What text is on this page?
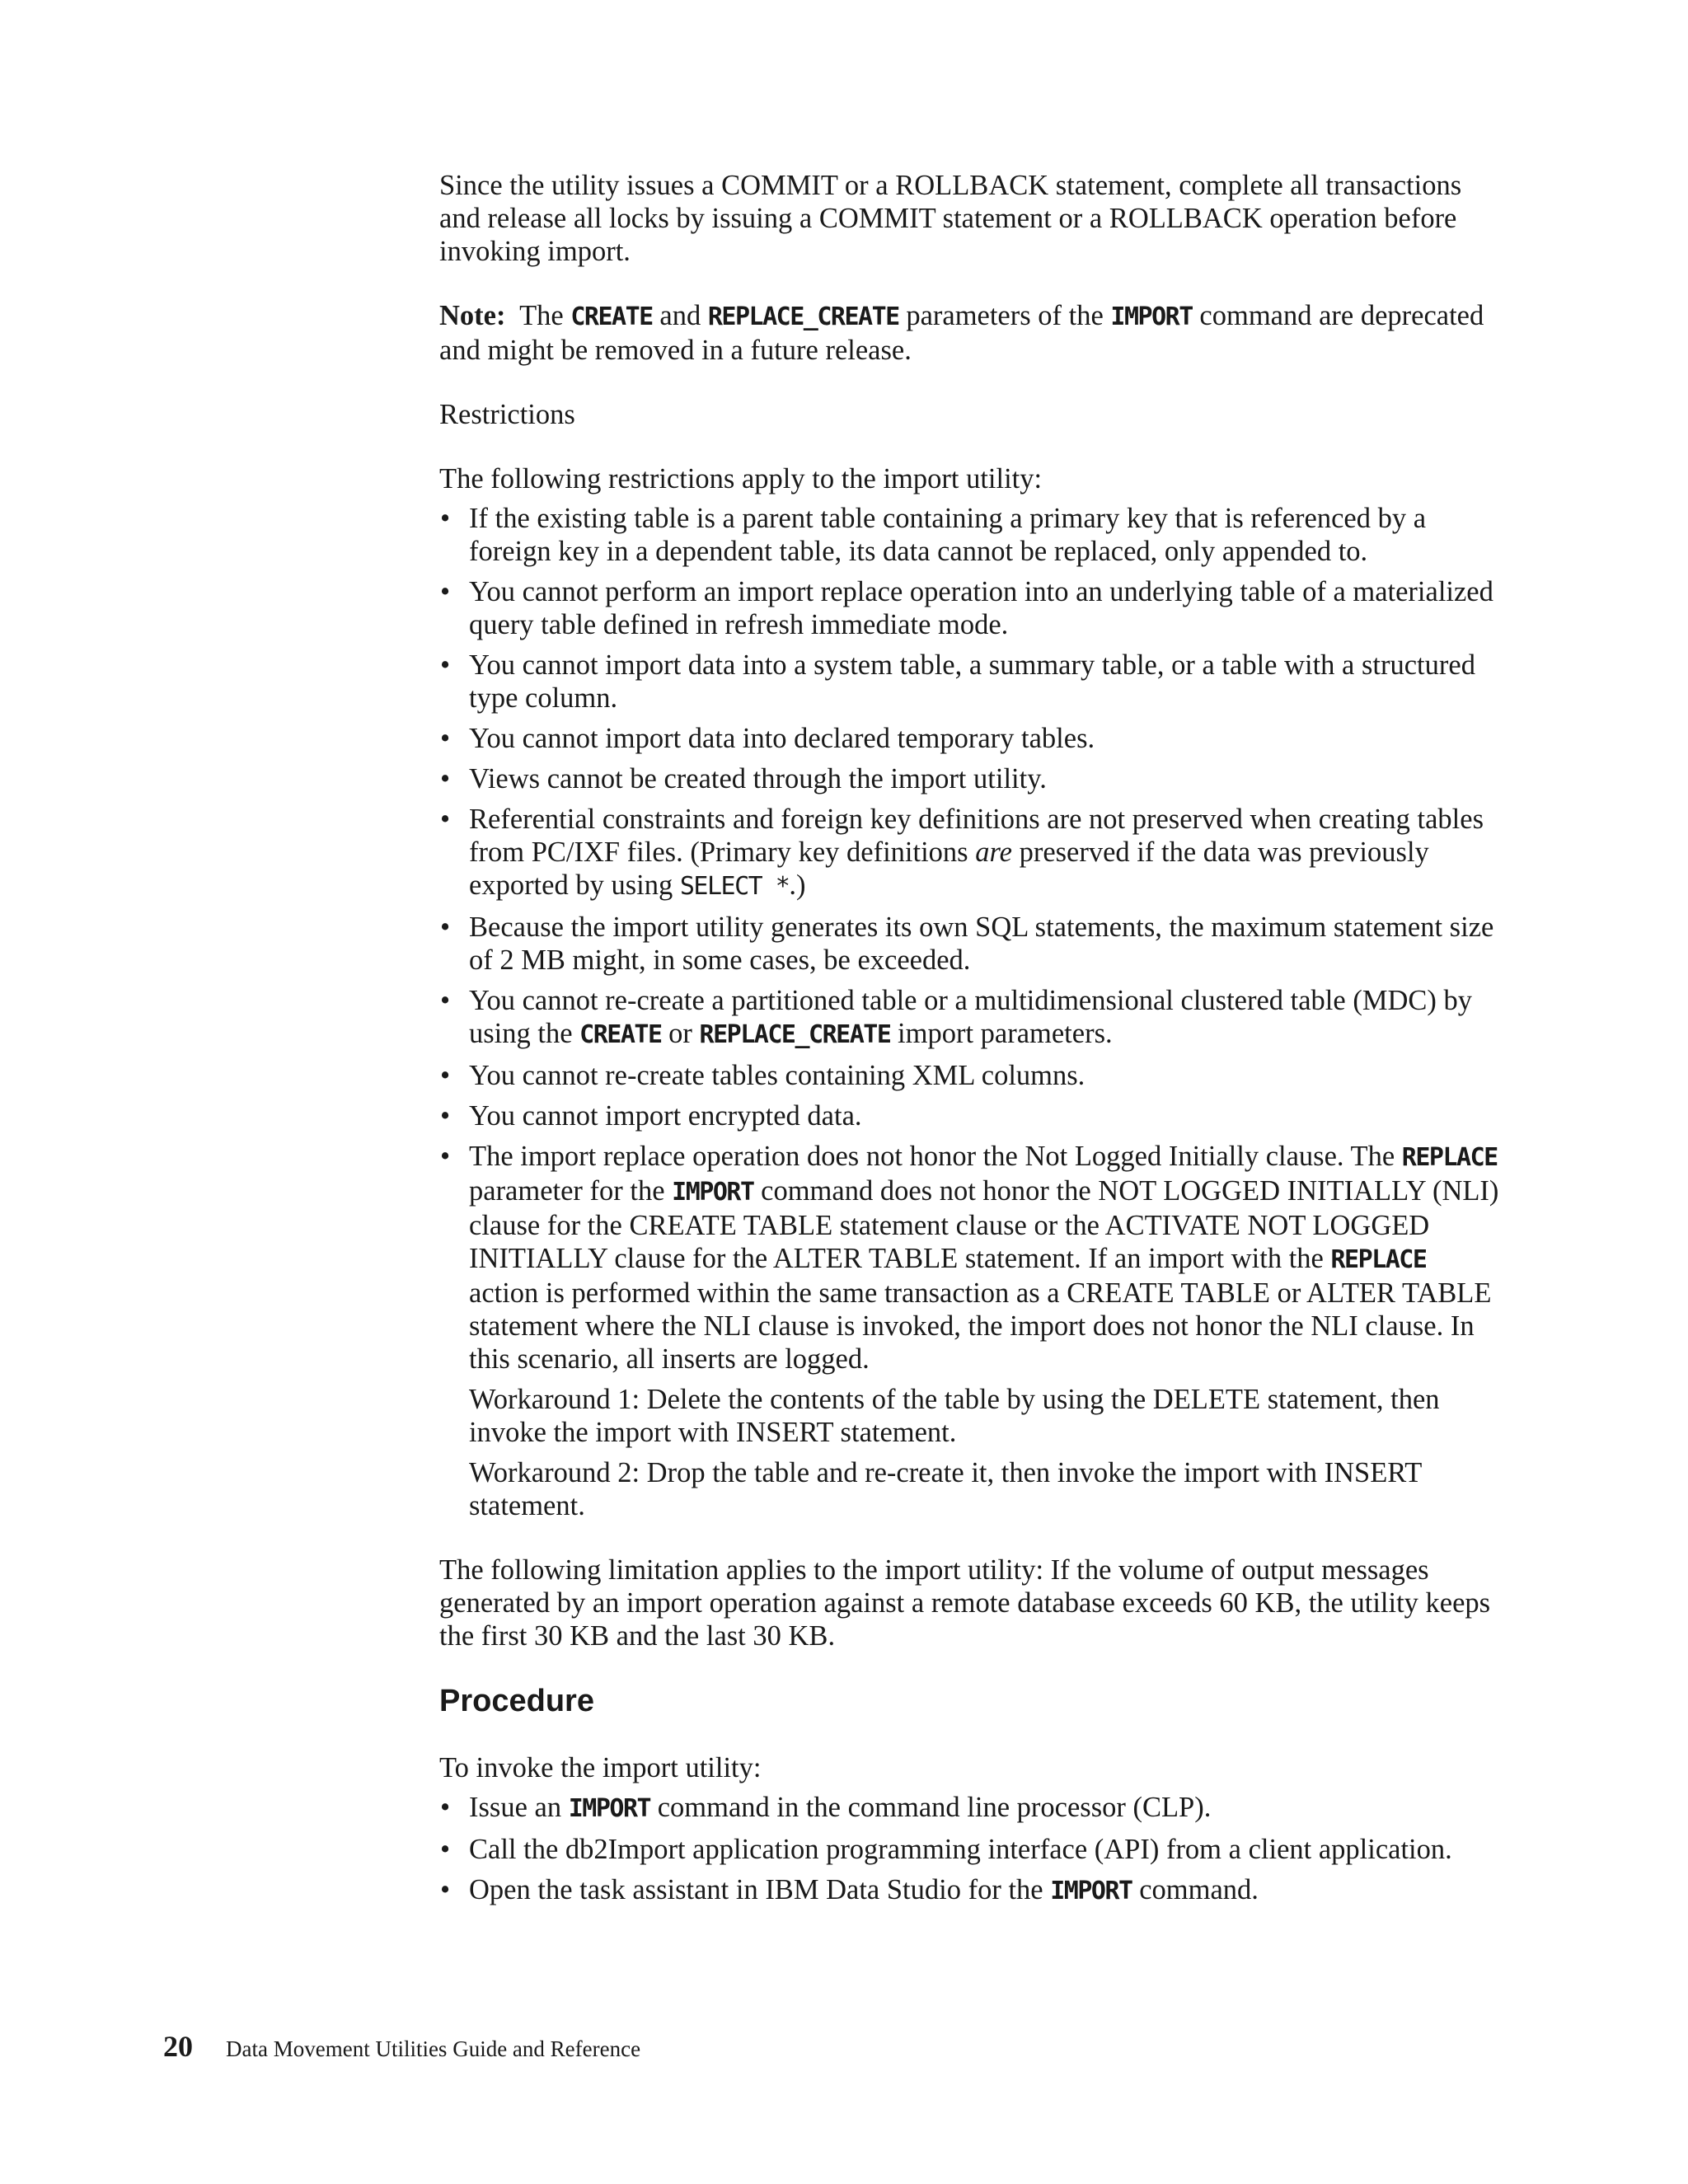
Since the utility issues a COMMIT or a ROLLBACK statement, complete all transactions and release all locks by issuing a COMMIT statement or a ROLLBACK operation before invoking import.

Note: The CREATE and REPLACE_CREATE parameters of the IMPORT command are deprecated and might be removed in a future release.

Restrictions

The following restrictions apply to the import utility:

• If the existing table is a parent table containing a primary key that is referenced by a foreign key in a dependent table, its data cannot be replaced, only appended to.
• You cannot perform an import replace operation into an underlying table of a materialized query table defined in refresh immediate mode.
• You cannot import data into a system table, a summary table, or a table with a structured type column.
• You cannot import data into declared temporary tables.
• Views cannot be created through the import utility.
• Referential constraints and foreign key definitions are not preserved when creating tables from PC/IXF files. (Primary key definitions are preserved if the data was previously exported by using SELECT *.)
• Because the import utility generates its own SQL statements, the maximum statement size of 2 MB might, in some cases, be exceeded.
• You cannot re-create a partitioned table or a multidimensional clustered table (MDC) by using the CREATE or REPLACE_CREATE import parameters.
• You cannot re-create tables containing XML columns.
• You cannot import encrypted data.
• The import replace operation does not honor the Not Logged Initially clause. The REPLACE parameter for the IMPORT command does not honor the NOT LOGGED INITIALLY (NLI) clause for the CREATE TABLE statement clause or the ACTIVATE NOT LOGGED INITIALLY clause for the ALTER TABLE statement. If an import with the REPLACE action is performed within the same transaction as a CREATE TABLE or ALTER TABLE statement where the NLI clause is invoked, the import does not honor the NLI clause. In this scenario, all inserts are logged.

Workaround 1: Delete the contents of the table by using the DELETE statement, then invoke the import with INSERT statement.

Workaround 2: Drop the table and re-create it, then invoke the import with INSERT statement.

The following limitation applies to the import utility: If the volume of output messages generated by an import operation against a remote database exceeds 60 KB, the utility keeps the first 30 KB and the last 30 KB.

Procedure

To invoke the import utility:

• Issue an IMPORT command in the command line processor (CLP).
• Call the db2Import application programming interface (API) from a client application.
• Open the task assistant in IBM Data Studio for the IMPORT command.
20 Data Movement Utilities Guide and Reference
